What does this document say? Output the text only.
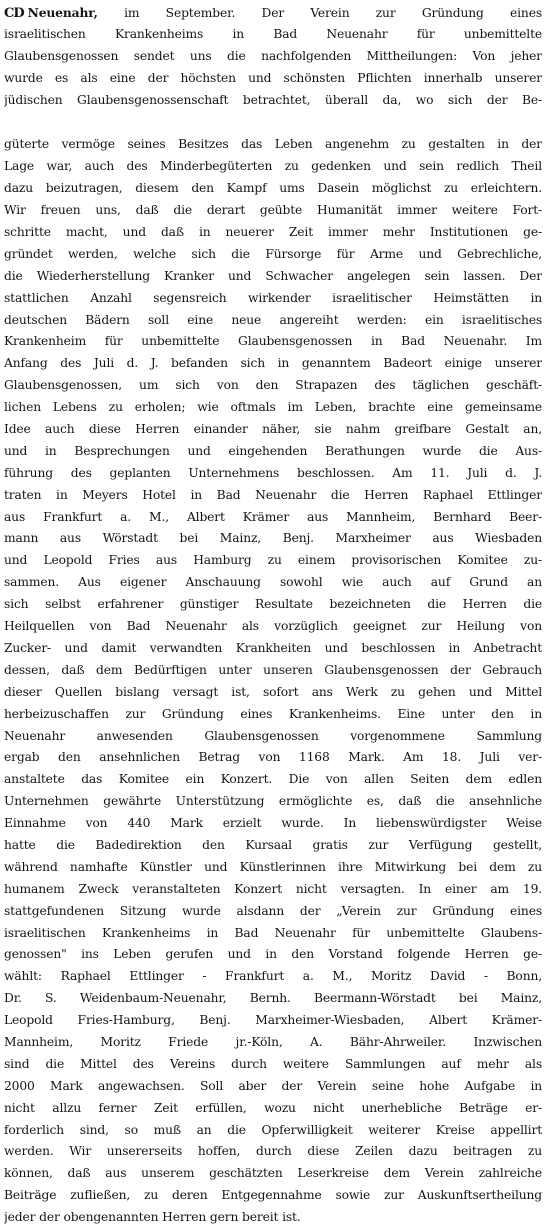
CD Neuenahr, im September. Der Verein zur Gründung eines
israelitischen Krankenheims in Bad Neuenahr für unbemittelte
Glaubensgenossen sendet uns die nachfolgenden Mittheilungen: Von jeher
wurde es als eine der höchsten und schönsten Pflichten innerhalb unserer
jüdischen Glaubensgenossenschaft betrachtet, überall da, wo sich der Be-
güterte vermöge seines Besitzes das Leben angenehm zu gestalten in der
Lage war, auch des Minderbegüterten zu gedenken und sein redlich Theil
dazu beizutragen, diesem den Kampf ums Dasein möglichst zu erleichtern.
Wir freuen uns, daß die derart geübte Humanität immer weitere Fort-
schritte macht, und daß in neuerer Zeit immer mehr Institutionen ge-
gründet werden, welche sich die Fürsorge für Arme und Gebrechliche,
die Wiederherstellung Kranker und Schwacher angelegen sein lassen. Der
stattlichen Anzahl segensreich wirkender israelitischer Heimstätten in
deutschen Bädern soll eine neue angereiht werden: ein israelitisches
Krankenheim für unbemittelte Glaubensgenossen in Bad Neuenahr. Im
Anfang des Juli d. J. befanden sich in genanntem Badeort einige unserer
Glaubensgenossen, um sich von den Strapazen des täglichen geschäft-
lichen Lebens zu erholen; wie oftmals im Leben, brachte eine gemeinsame
Idee auch diese Herren einander näher, sie nahm greifbare Gestalt an,
und in Besprechungen und eingehenden Berathungen wurde die Aus-
führung des geplanten Unternehmens beschlossen. Am 11. Juli d. J.
traten in Meyers Hotel in Bad Neuenahr die Herren Raphael Ettlinger
aus Frankfurt a. M., Albert Krämer aus Mannheim, Bernhard Beer-
mann aus Wörstadt bei Mainz, Benj. Marxheimer aus Wiesbaden
und Leopold Fries aus Hamburg zu einem provisorischen Komitee zu-
sammen. Aus eigener Anschauung sowohl wie auch auf Grund an
sich selbst erfahrener günstiger Resultate bezeichneten die Herren die
Heilquellen von Bad Neuenahr als vorzüglich geeignet zur Heilung von
Zucker- und damit verwandten Krankheiten und beschlossen in Anbetracht
dessen, daß dem Bedürftigen unter unseren Glaubensgenossen der Gebrauch
dieser Quellen bislang versagt ist, sofort ans Werk zu gehen und Mittel
herbeizuschaffen zur Gründung eines Krankenheims. Eine unter den in
Neuenahr anwesenden Glaubensgenossen vorgenommene Sammlung
ergab den ansehnlichen Betrag von 1168 Mark. Am 18. Juli ver-
anstaltete das Komitee ein Konzert. Die von allen Seiten dem edlen
Unternehmen gewährte Unterstützung ermöglichte es, daß die ansehnliche
Einnahme von 440 Mark erzielt wurde. In liebenswürdigster Weise
hatte die Badedirektion den Kursaal gratis zur Verfügung gestellt,
während namhafte Künstler und Künstlerinnen ihre Mitwirkung bei dem zu
humanem Zweck veranstalteten Konzert nicht versagten. In einer am 19.
stattgefundenen Sitzung wurde alsdann der „Verein zur Gründung eines
israelitischen Krankenheims in Bad Neuenahr für unbemittelte Glaubens-
genossen" ins Leben gerufen und in den Vorstand folgende Herren ge-
wählt: Raphael Ettlinger - Frankfurt a. M., Moritz David - Bonn,
Dr. S. Weidenbaum-Neuenahr, Bernh. Beermann-Wörstadt bei Mainz,
Leopold Fries-Hamburg, Benj. Marxheimer-Wiesbaden, Albert Krämer-
Mannheim, Moritz Friede jr.-Köln, A. Bähr-Ahrweiler. Inzwischen
sind die Mittel des Vereins durch weitere Sammlungen auf mehr als
2000 Mark angewachsen. Soll aber der Verein seine hohe Aufgabe in
nicht allzu ferner Zeit erfüllen, wozu nicht unerhebliche Beträge er-
forderlich sind, so muß an die Opferwilligkeit weiterer Kreise appellirt
werden. Wir unsererseits hoffen, durch diese Zeilen dazu beitragen zu
können, daß aus unserem geschätzten Leserkreise dem Verein zahlreiche
Beiträge zufließen, zu deren Entgegennahme sowie zur Auskunftsertheilung
jeder der obengenannten Herren gern bereit ist.
